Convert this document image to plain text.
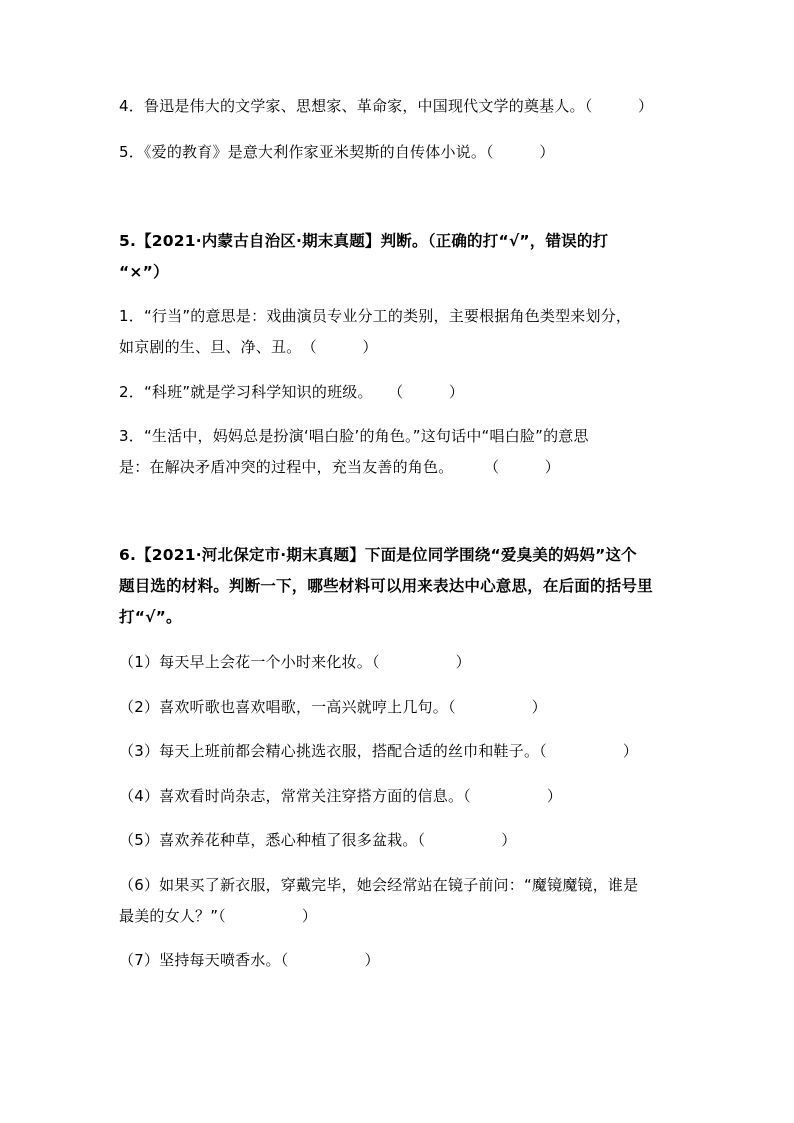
4．鲁迅是伟大的文学家、思想家、革命家，中国现代文学的奠基人。（　　　）
5．《爱的教育》是意大利作家亚米契斯的自传体小说。（　　　）
5.【2021·内蒙古自治区·期末真题】判断。（正确的打“√”，错误的打
“×”）
1．“行当”的意思是：戏曲演员专业分工的类别，主要根据角色类型来划分，
如京剧的生、旦、净、丑。　（　　　）
2．“科班”就是学习科学知识的班级。　　（　　　）
3．“生活中，妈妈总是扮演‘唱白脸’的角色。”这句话中“唱白脸”的意思
是：在解决矛盾冲突的过程中，充当友善的角色。　　　（　　　）
6.【2021·河北保定市·期末真题】下面是位同学围绕“爱臭美的妈妈”这个
题目选的材料。判断一下，哪些材料可以用来表达中心意思，在后面的括号里
打“√”。
（1）每天早上会花一个小时来化妆。（　　　　　）
（2）喜欢听歌也喜欢唱歌，一高兴就哼上几句。（　　　　　）
（3）每天上班前都会精心挑选衣服，搭配合适的丝巾和鞋子。（　　　　　）
（4）喜欢看时尚杂志，常常关注穿搭方面的信息。（　　　　　）
（5）喜欢养花种草，悉心种植了很多盆栽。（　　　　　）
（6）如果买了新衣服，穿戴完毕，她会经常站在镜子前问：“魔镜魔镜，谁是
最美的女人？”（　　　　　）
（7）坚持每天喷香水。（　　　　　）
